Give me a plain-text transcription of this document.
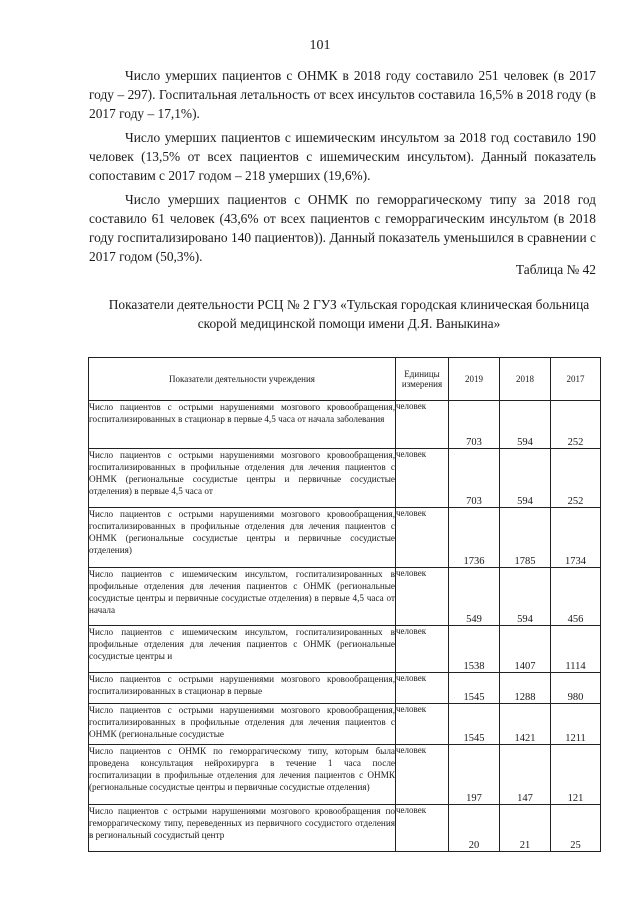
101

Число умерших пациентов с ОНМК в 2018 году составило 251 человек (в 2017 году – 297). Госпитальная летальность от всех инсультов составила 16,5% в 2018 году (в 2017 году – 17,1%).

Число умерших пациентов с ишемическим инсультом за 2018 год составило 190 человек (13,5% от всех пациентов с ишемическим инсультом). Данный показатель сопоставим с 2017 годом – 218 умерших (19,6%).

Число умерших пациентов с ОНМК по геморрагическому типу за 2018 год составило 61 человек (43,6% от всех пациентов с геморрагическим инсультом (в 2018 году госпитализировано 140 пациентов)). Данный показатель уменьшился в сравнении с 2017 годом (50,3%).

Таблица № 42
Показатели деятельности РСЦ № 2 ГУЗ «Тульская городская клиническая больница скорой медицинской помощи имени Д.Я. Ваныкина»
Показатели деятельности учреждения	Единицы измерения	2019	2018	2017
Число пациентов с острыми нарушениями мозгового кровообращения, госпитализированных в стационар в первые 4,5 часа от начала заболевания	человек	703	594	252
Число пациентов с острыми нарушениями мозгового кровообращения, госпитализированных в профильные отделения для лечения пациентов с ОНМК (региональные сосудистые центры и первичные сосудистые отделения) в первые 4,5 часа от	человек	703	594	252
Число пациентов с острыми нарушениями мозгового кровообращения, госпитализированных в профильные отделения для лечения пациентов с ОНМК (региональные сосудистые центры и первичные сосудистые отделения)	человек	1736	1785	1734
Число пациентов с ишемическим инсультом, госпитализированных в профильные отделения для лечения пациентов с ОНМК (региональные сосудистые центры и первичные сосудистые отделения) в первые 4,5 часа от начала	человек	549	594	456
Число пациентов с ишемическим инсультом, госпитализированных в профильные отделения для лечения пациентов с ОНМК (региональные сосудистые центры и	человек	1538	1407	1114
Число пациентов с острыми нарушениями мозгового кровообращения, госпитализированных в стационар в первые	человек	1545	1288	980
Число пациентов с острыми нарушениями мозгового кровообращения, госпитализированных в профильные отделения для лечения пациентов с ОНМК (региональные сосудистые	человек	1545	1421	1211
Число пациентов с ОНМК по геморрагическому типу, которым была проведена консультация нейрохирурга в течение 1 часа после госпитализации в профильные отделения для лечения пациентов с ОНМК (региональные сосудистые центры и первичные сосудистые отделения)	человек	197	147	121
Число пациентов с острыми нарушениями мозгового кровообращения по геморрагическому типу, переведенных из первичного сосудистого отделения в региональный сосудистый центр	человек	20	21	25
